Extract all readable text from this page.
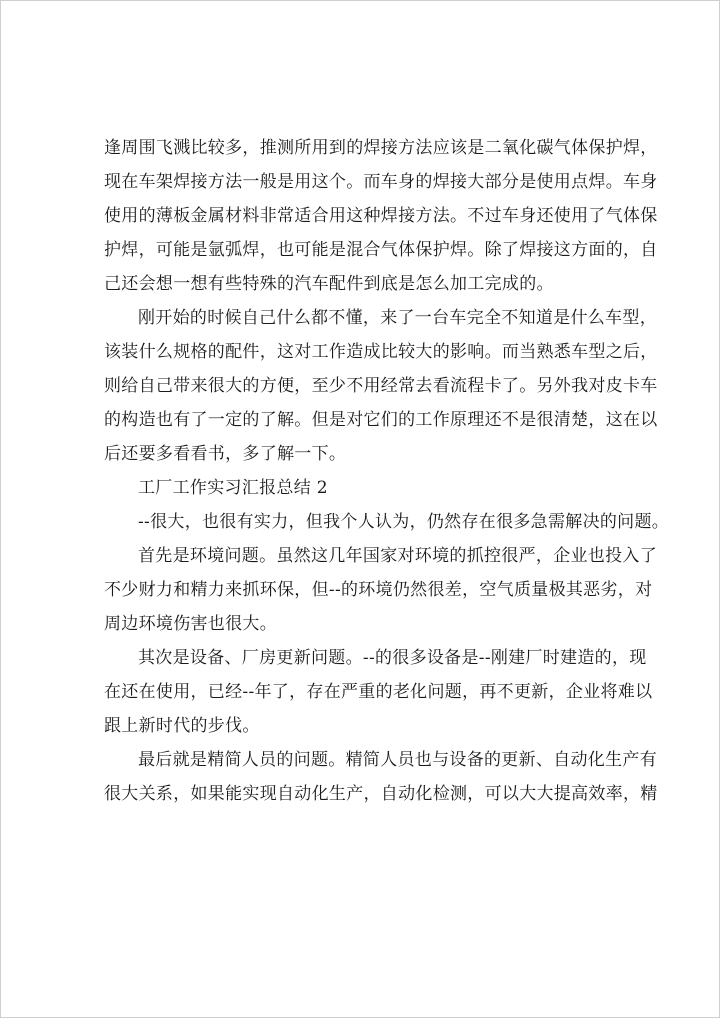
逢周围飞溅比较多，推测所用到的焊接方法应该是二氧化碳气体保护焊，
现在车架焊接方法一般是用这个。而车身的焊接大部分是使用点焊。车身
使用的薄板金属材料非常适合用这种焊接方法。不过车身还使用了气体保
护焊，可能是氩弧焊，也可能是混合气体保护焊。除了焊接这方面的，自
己还会想一想有些特殊的汽车配件到底是怎么加工完成的。
刚开始的时候自己什么都不懂，来了一台车完全不知道是什么车型，
该装什么规格的配件，这对工作造成比较大的影响。而当熟悉车型之后，
则给自己带来很大的方便，至少不用经常去看流程卡了。另外我对皮卡车
的构造也有了一定的了解。但是对它们的工作原理还不是很清楚，这在以
后还要多看看书，多了解一下。
工厂工作实习汇报总结 2
--很大，也很有实力，但我个人认为，仍然存在很多急需解决的问题。
首先是环境问题。虽然这几年国家对环境的抓控很严，企业也投入了
不少财力和精力来抓环保，但--的环境仍然很差，空气质量极其恶劣，对
周边环境伤害也很大。
其次是设备、厂房更新问题。--的很多设备是--刚建厂时建造的，现
在还在使用，已经--年了，存在严重的老化问题，再不更新，企业将难以
跟上新时代的步伐。
最后就是精简人员的问题。精简人员也与设备的更新、自动化生产有
很大关系，如果能实现自动化生产，自动化检测，可以大大提高效率，精
